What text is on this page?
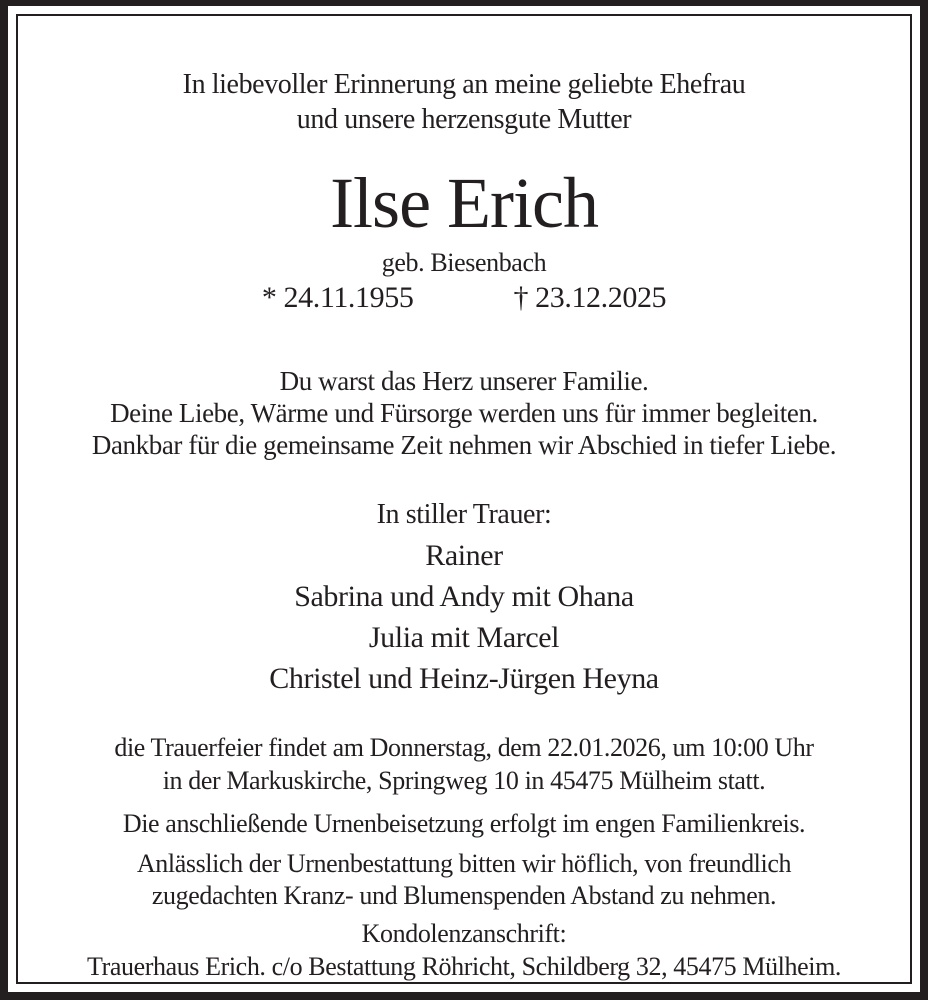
In liebevoller Erinnerung an meine geliebte Ehefrau
und unsere herzensgute Mutter
Ilse Erich
geb. Biesenbach
* 24.11.1955	† 23.12.2025
Du warst das Herz unserer Familie.
Deine Liebe, Wärme und Fürsorge werden uns für immer begleiten.
Dankbar für die gemeinsame Zeit nehmen wir Abschied in tiefer Liebe.
In stiller Trauer:
Rainer
Sabrina und Andy mit Ohana
Julia mit Marcel
Christel und Heinz-Jürgen Heyna
die Trauerfeier findet am Donnerstag, dem 22.01.2026, um 10:00 Uhr
in der Markuskirche, Springweg 10 in 45475 Mülheim statt.
Die anschließende Urnenbeisetzung erfolgt im engen Familienkreis.
Anlässlich der Urnenbestattung bitten wir höflich, von freundlich
zugedachten Kranz- und Blumenspenden Abstand zu nehmen.
Kondolenzanschrift:
Trauerhaus Erich. c/o Bestattung Röhricht, Schildberg 32, 45475 Mülheim.
